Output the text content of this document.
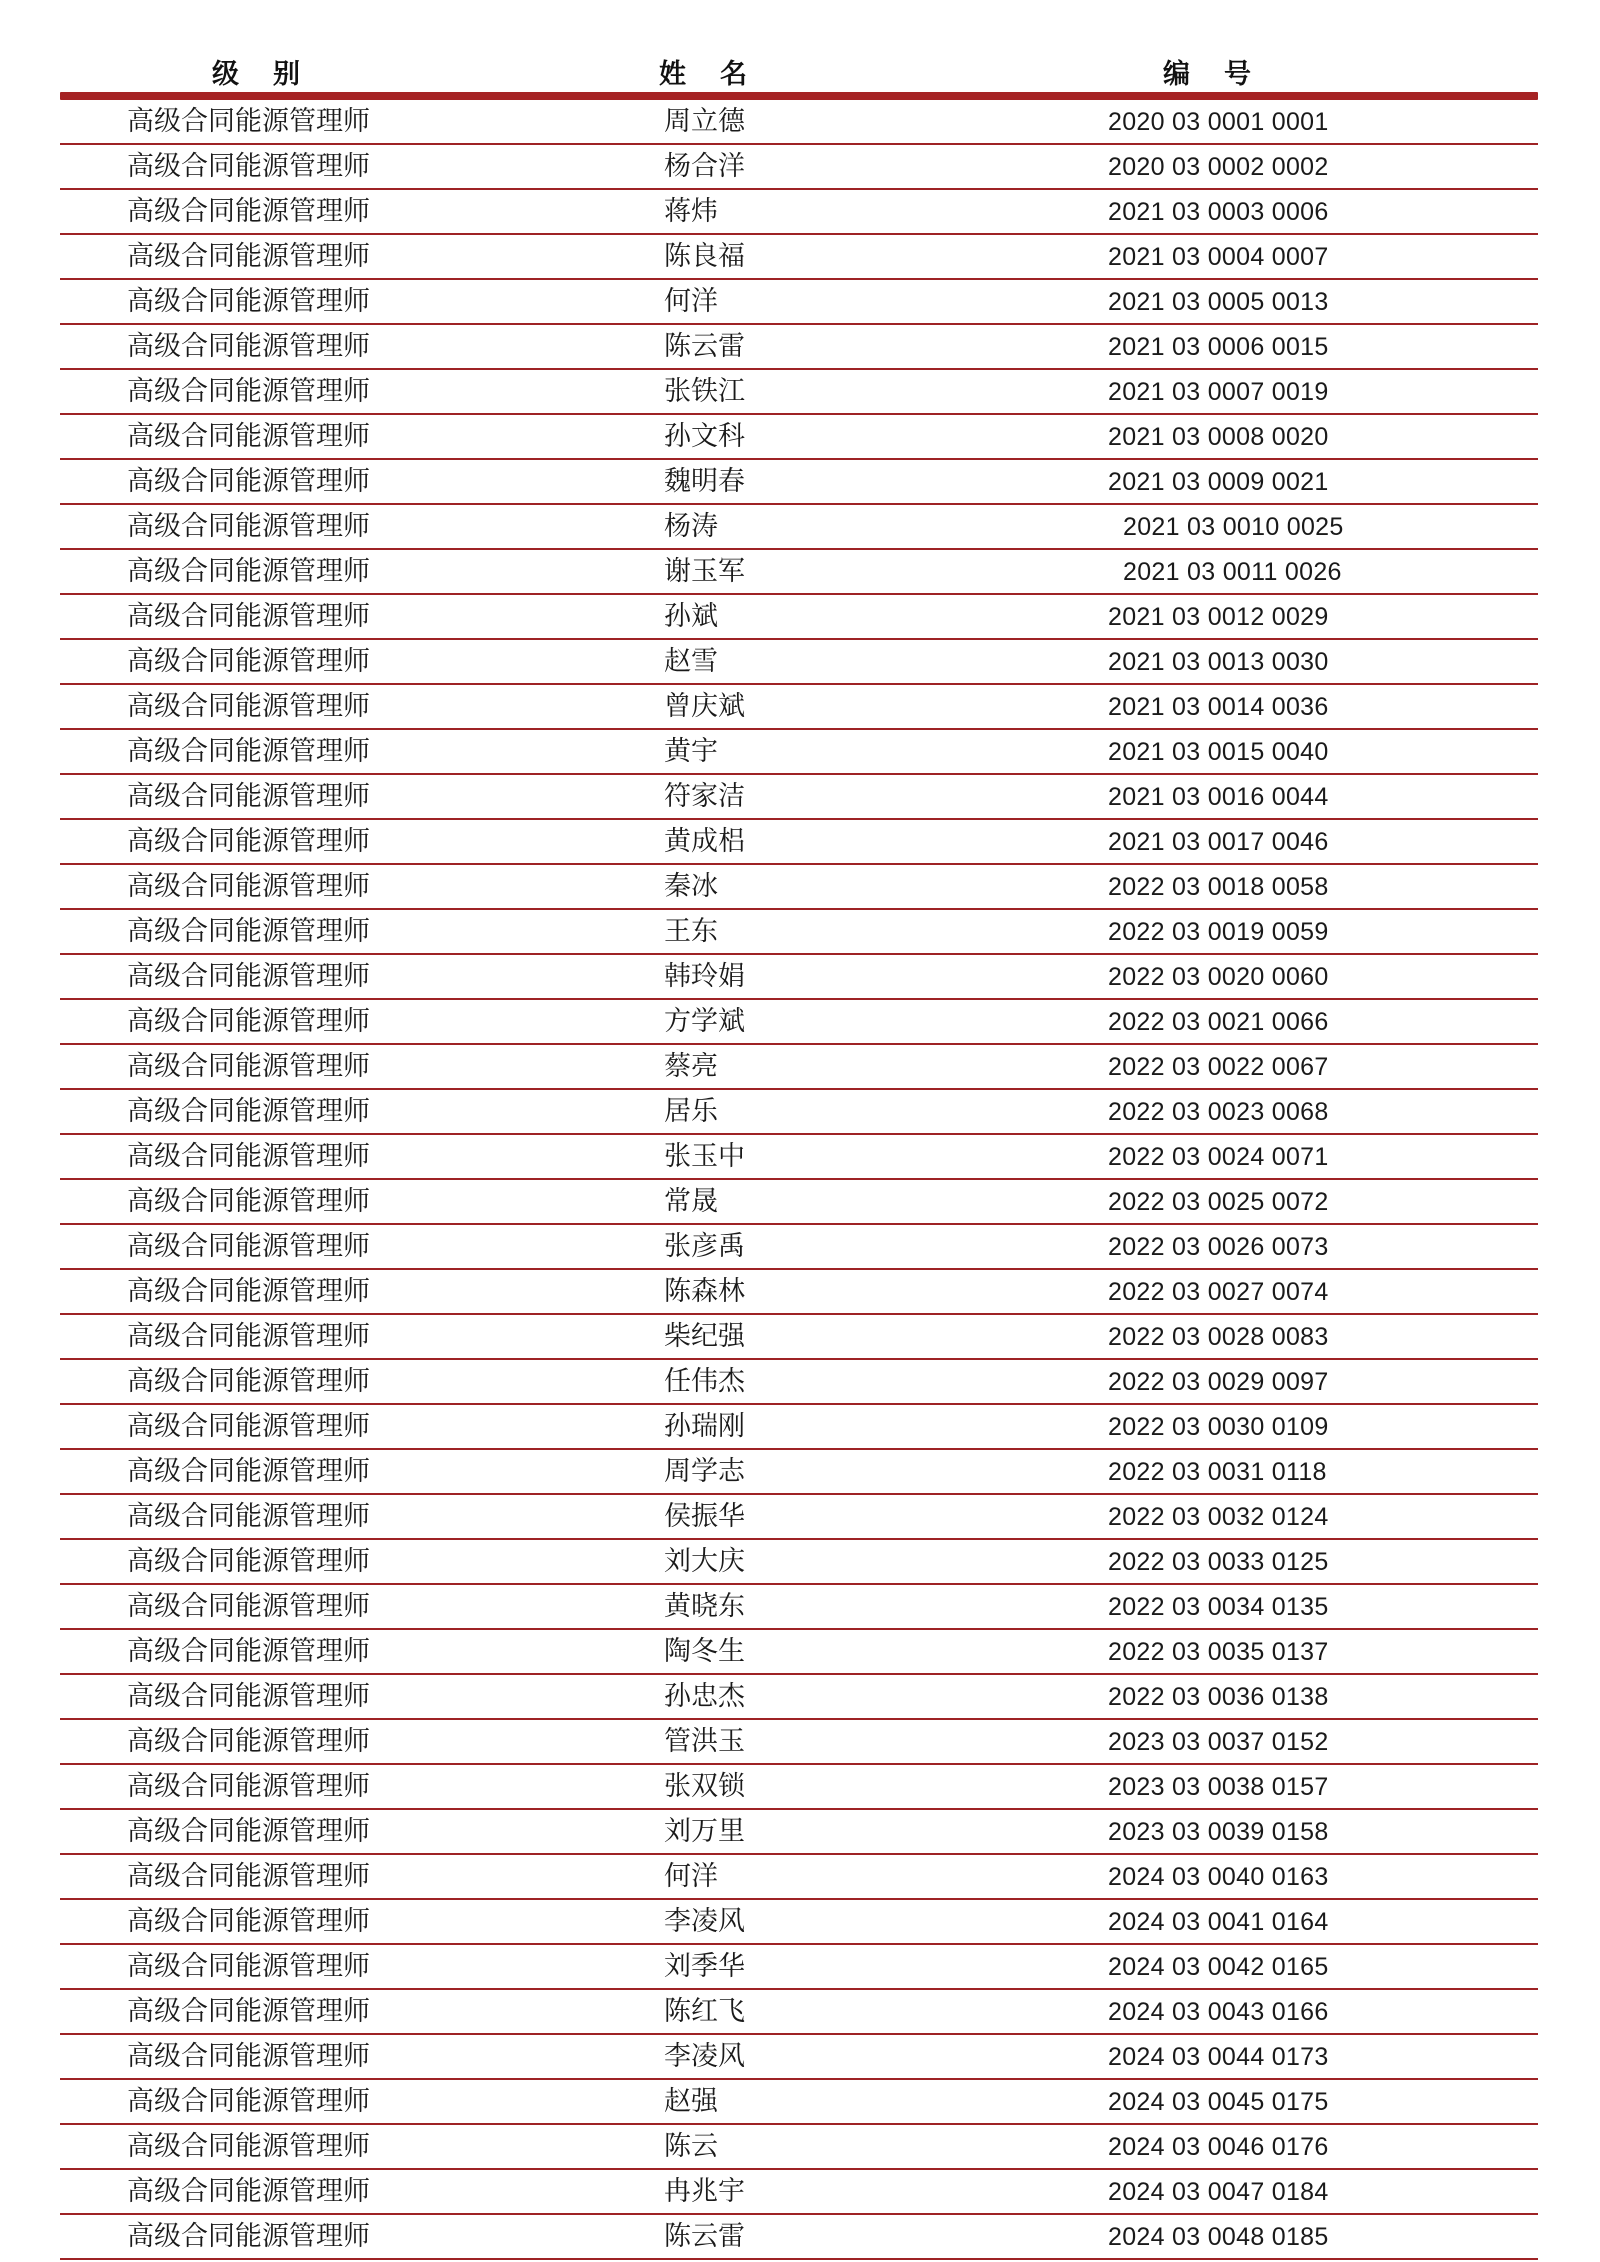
级别	姓名	编号
高级合同能源管理师	周立德	2020 03 0001 0001
高级合同能源管理师	杨合洋	2020 03 0002 0002
高级合同能源管理师	蒋炜	2021 03 0003 0006
高级合同能源管理师	陈良福	2021 03 0004 0007
高级合同能源管理师	何洋	2021 03 0005 0013
高级合同能源管理师	陈云雷	2021 03 0006 0015
高级合同能源管理师	张铁江	2021 03 0007 0019
高级合同能源管理师	孙文科	2021 03 0008 0020
高级合同能源管理师	魏明春	2021 03 0009 0021
高级合同能源管理师	杨涛	2021 03 0010 0025
高级合同能源管理师	谢玉军	2021 03 0011 0026
高级合同能源管理师	孙斌	2021 03 0012 0029
高级合同能源管理师	赵雪	2021 03 0013 0030
高级合同能源管理师	曾庆斌	2021 03 0014 0036
高级合同能源管理师	黄宇	2021 03 0015 0040
高级合同能源管理师	符家洁	2021 03 0016 0044
高级合同能源管理师	黄成梠	2021 03 0017 0046
高级合同能源管理师	秦冰	2022 03 0018 0058
高级合同能源管理师	王东	2022 03 0019 0059
高级合同能源管理师	韩玲娟	2022 03 0020 0060
高级合同能源管理师	方学斌	2022 03 0021 0066
高级合同能源管理师	蔡亮	2022 03 0022 0067
高级合同能源管理师	居乐	2022 03 0023 0068
高级合同能源管理师	张玉中	2022 03 0024 0071
高级合同能源管理师	常晟	2022 03 0025 0072
高级合同能源管理师	张彦禹	2022 03 0026 0073
高级合同能源管理师	陈森林	2022 03 0027 0074
高级合同能源管理师	柴纪强	2022 03 0028 0083
高级合同能源管理师	任伟杰	2022 03 0029 0097
高级合同能源管理师	孙瑞刚	2022 03 0030 0109
高级合同能源管理师	周学志	2022 03 0031 0118
高级合同能源管理师	侯振华	2022 03 0032 0124
高级合同能源管理师	刘大庆	2022 03 0033 0125
高级合同能源管理师	黄晓东	2022 03 0034 0135
高级合同能源管理师	陶冬生	2022 03 0035 0137
高级合同能源管理师	孙忠杰	2022 03 0036 0138
高级合同能源管理师	管洪玉	2023 03 0037 0152
高级合同能源管理师	张双锁	2023 03 0038 0157
高级合同能源管理师	刘万里	2023 03 0039 0158
高级合同能源管理师	何洋	2024 03 0040 0163
高级合同能源管理师	李凌风	2024 03 0041 0164
高级合同能源管理师	刘季华	2024 03 0042 0165
高级合同能源管理师	陈红飞	2024 03 0043 0166
高级合同能源管理师	李凌风	2024 03 0044 0173
高级合同能源管理师	赵强	2024 03 0045 0175
高级合同能源管理师	陈云	2024 03 0046 0176
高级合同能源管理师	冉兆宇	2024 03 0047 0184
高级合同能源管理师	陈云雷	2024 03 0048 0185
